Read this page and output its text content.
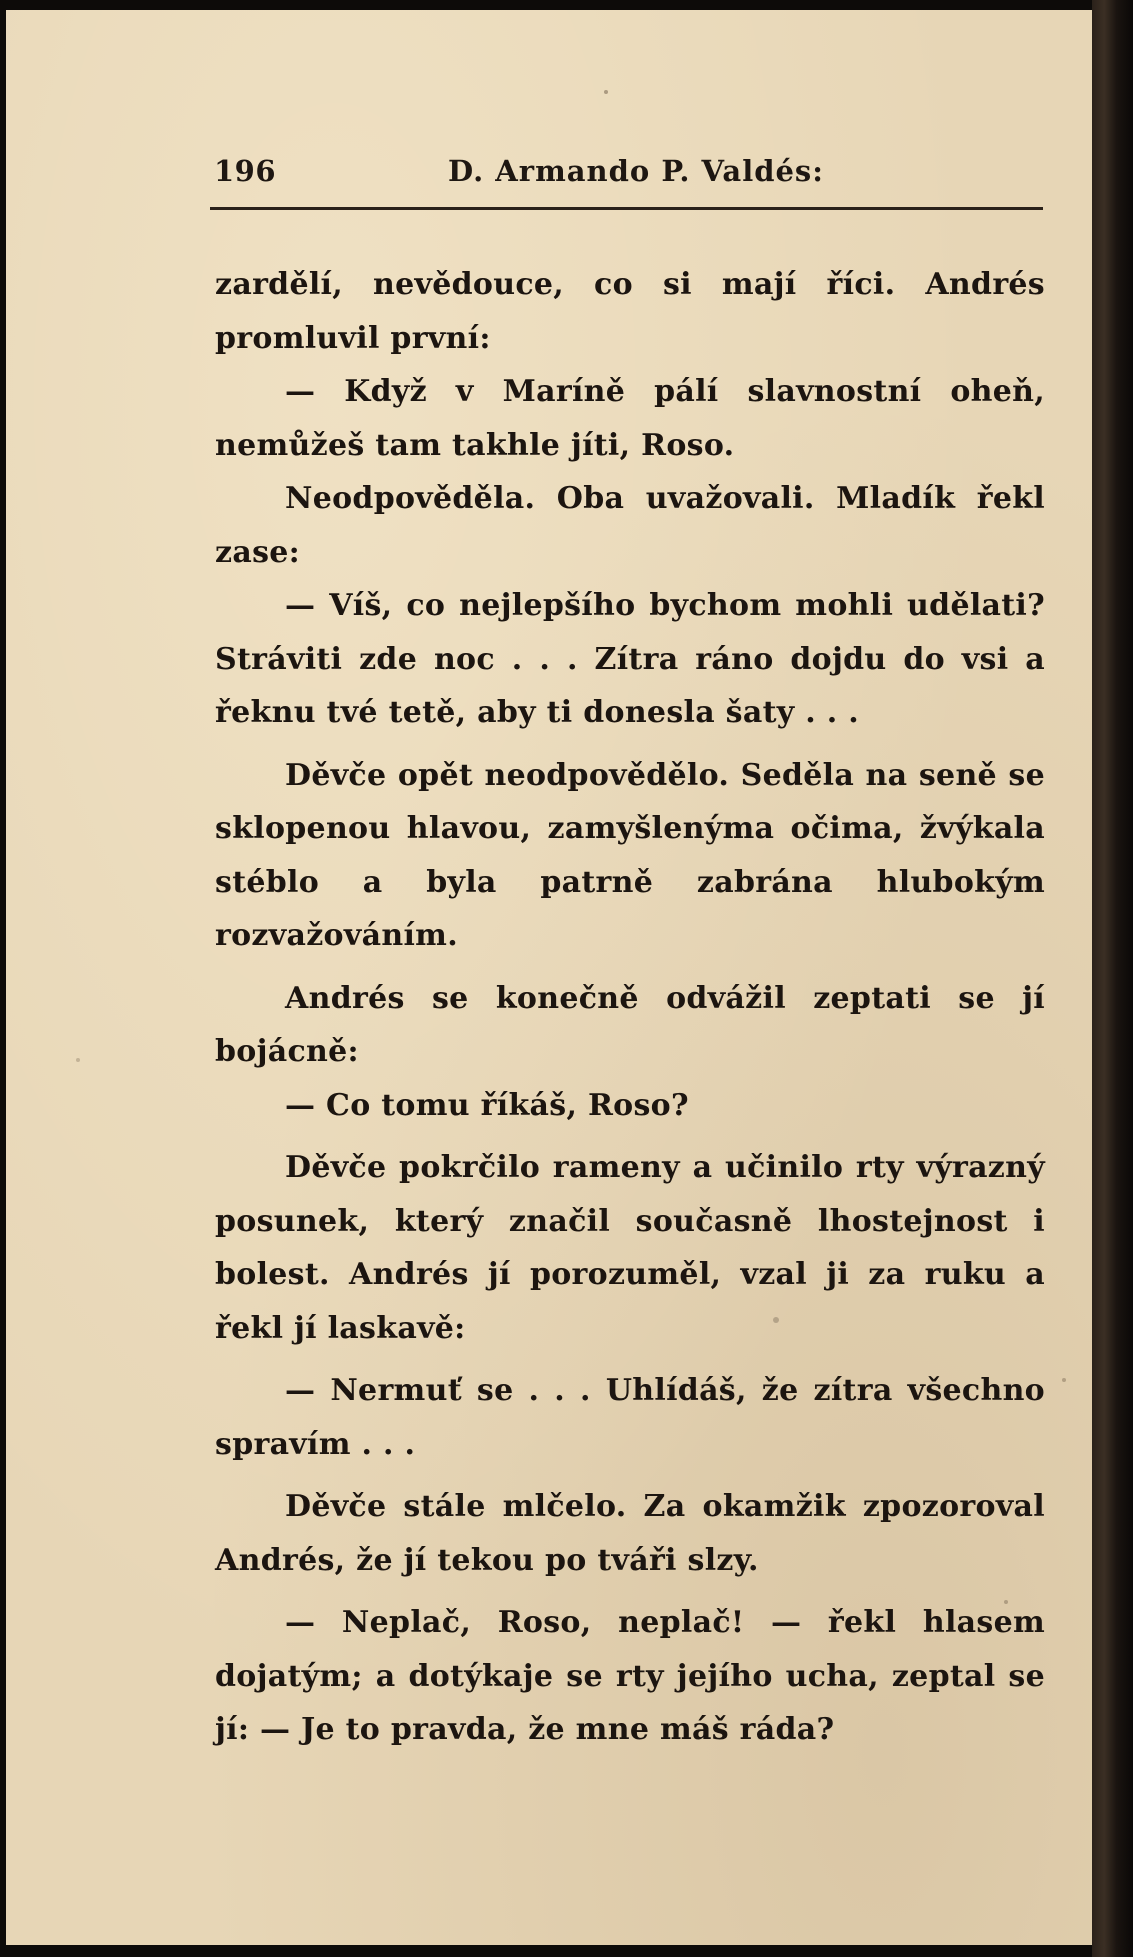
196	D. Armando P. Valdés:

zardělí, nevědouce, co si mají říci. Andrés promluvil první:

— Když v Maríně pálí slavnostní oheň, nemůžeš tam takhle jíti, Roso.

Neodpověděla. Oba uvažovali. Mladík řekl zase:

— Víš, co nejlepšího bychom mohli udělati? Stráviti zde noc . . . Zítra ráno dojdu do vsi a řeknu tvé tetě, aby ti donesla šaty . . .

Děvče opět neodpovědělo. Seděla na seně se sklopenou hlavou, zamyšlenýma očima, žvýkala stéblo a byla patrně zabrána hlubokým rozvažováním.

Andrés se konečně odvážil zeptati se jí bojácně:

— Co tomu říkáš, Roso?

Děvče pokrčilo rameny a učinilo rty výrazný posunek, který značil současně lhostejnost i bolest. Andrés jí porozuměl, vzal ji za ruku a řekl jí laskavě:

— Nermuť se . . . Uhlídáš, že zítra všechno spravím . . .

Děvče stále mlčelo. Za okamžik zpozoroval Andrés, že jí tekou po tváři slzy.

— Neplač, Roso, neplač! — řekl hlasem dojatým; a dotýkaje se rty jejího ucha, zeptal se jí: — Je to pravda, že mne máš ráda?
